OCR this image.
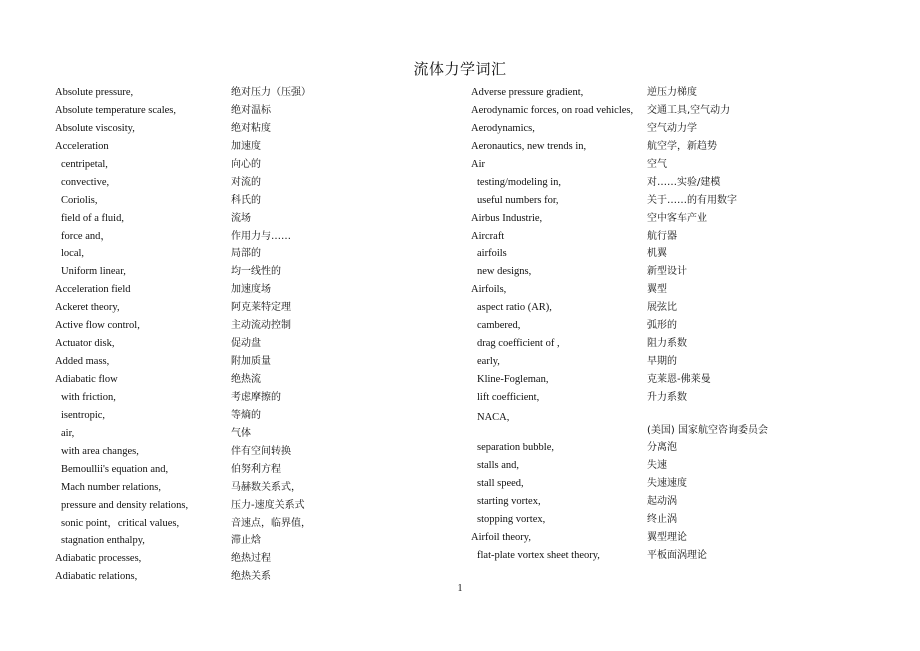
流体力学词汇
Absolute pressure,	绝对压力（压强）
Absolute temperature scales,	绝对温标
Absolute viscosity,	绝对粘度
Acceleration	加速度
centripetal,	向心的
convective,	对流的
Coriolis,	科氏的
field of a fluid,	流场
force and，	作用力与……
local,	局部的
Uniform linear,	均一线性的
Acceleration field	加速度场
Ackeret theory,	阿克莱特定理
Active flow control,	主动流动控制
Actuator disk,	促动盘
Added mass,	附加质量
Adiabatic flow	绝热流
with friction,	考虑摩擦的
isentropic,	等熵的
air,	气体
with area changes,	伴有空间转换
Bemoullii's equation and,	伯努利方程
Mach number relations,	马赫数关系式，
pressure and density relations,	压力-速度关系式
sonic point，critical values,	音速点，临界值，
stagnation enthalpy,	滞止焓
Adiabatic processes,	绝热过程
Adiabatic relations,	绝热关系
Adverse pressure gradient,	逆压力梯度
Aerodynamic forces, on road vehicles, 交通工具,空气动力
Aerodynamics,	空气动力学
Aeronautics, new trends in,	航空学，新趋势
Air	空气
testing/modeling in,	对……实验/建模
useful numbers for,	关于……的有用数字
Airbus Industrie,	空中客车产业
Aircraft	航行器
airfoils	机翼
new designs,	新型设计
Airfoils,	翼型
aspect ratio (AR),	展弦比
cambered,	弧形的
drag coefficient of ,	阻力系数
early,	早期的
Kline-Fogleman,	克莱恩-佛莱曼
lift coefficient,	升力系数
NACA,
(美国) 国家航空咨询委员会
separation bubble,	分离泡
stalls and,	失速
stall speed,	失速速度
starting vortex,	起动涡
stopping vortex,	终止涡
Airfoil theory,	翼型理论
flat-plate vortex sheet theory,	平板面涡理论
1
